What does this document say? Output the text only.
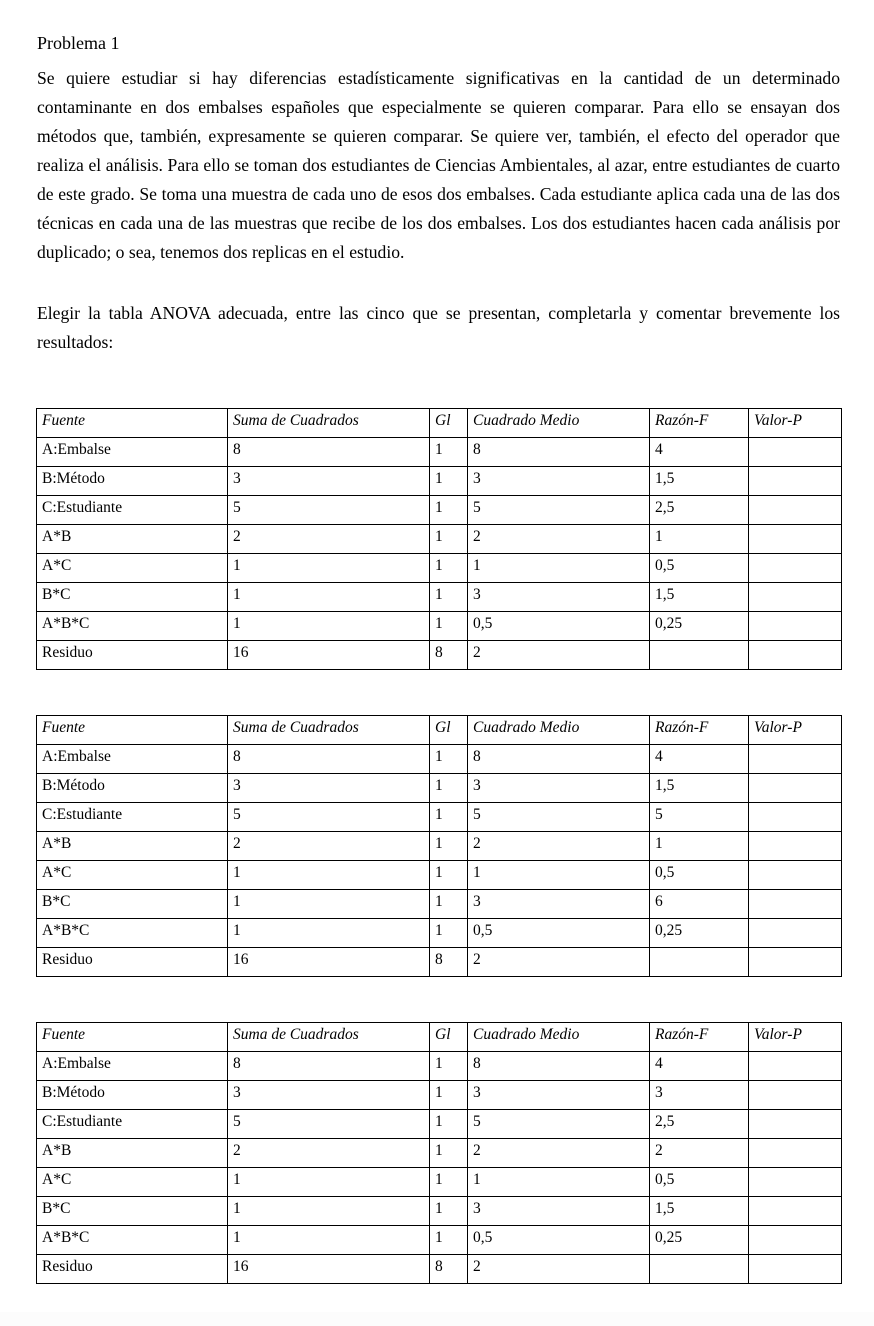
Problema 1

Se quiere estudiar si hay diferencias estadísticamente significativas en la cantidad de un determinado contaminante en dos embalses españoles que especialmente se quieren comparar. Para ello se ensayan dos métodos que, también, expresamente se quieren comparar. Se quiere ver, también, el efecto del operador que realiza el análisis. Para ello se toman dos estudiantes de Ciencias Ambientales, al azar, entre estudiantes de cuarto de este grado. Se toma una muestra de cada uno de esos dos embalses. Cada estudiante aplica cada una de las dos técnicas en cada una de las muestras que recibe de los dos embalses. Los dos estudiantes hacen cada análisis por duplicado; o sea, tenemos dos replicas en el estudio.

Elegir la tabla ANOVA adecuada, entre las cinco que se presentan, completarla y comentar brevemente los resultados:

Fuente	Suma de Cuadrados	Gl	Cuadrado Medio	Razón-F	Valor-P
A:Embalse	8	1	8	4	
B:Método	3	1	3	1,5	
C:Estudiante	5	1	5	2,5	
A*B	2	1	2	1	
A*C	1	1	1	0,5	
B*C	1	1	3	1,5	
A*B*C	1	1	0,5	0,25	
Residuo	16	8	2		
Fuente	Suma de Cuadrados	Gl	Cuadrado Medio	Razón-F	Valor-P
A:Embalse	8	1	8	4	
B:Método	3	1	3	1,5	
C:Estudiante	5	1	5	5	
A*B	2	1	2	1	
A*C	1	1	1	0,5	
B*C	1	1	3	6	
A*B*C	1	1	0,5	0,25	
Residuo	16	8	2		
Fuente	Suma de Cuadrados	Gl	Cuadrado Medio	Razón-F	Valor-P
A:Embalse	8	1	8	4	
B:Método	3	1	3	3	
C:Estudiante	5	1	5	2,5	
A*B	2	1	2	2	
A*C	1	1	1	0,5	
B*C	1	1	3	1,5	
A*B*C	1	1	0,5	0,25	
Residuo	16	8	2		
